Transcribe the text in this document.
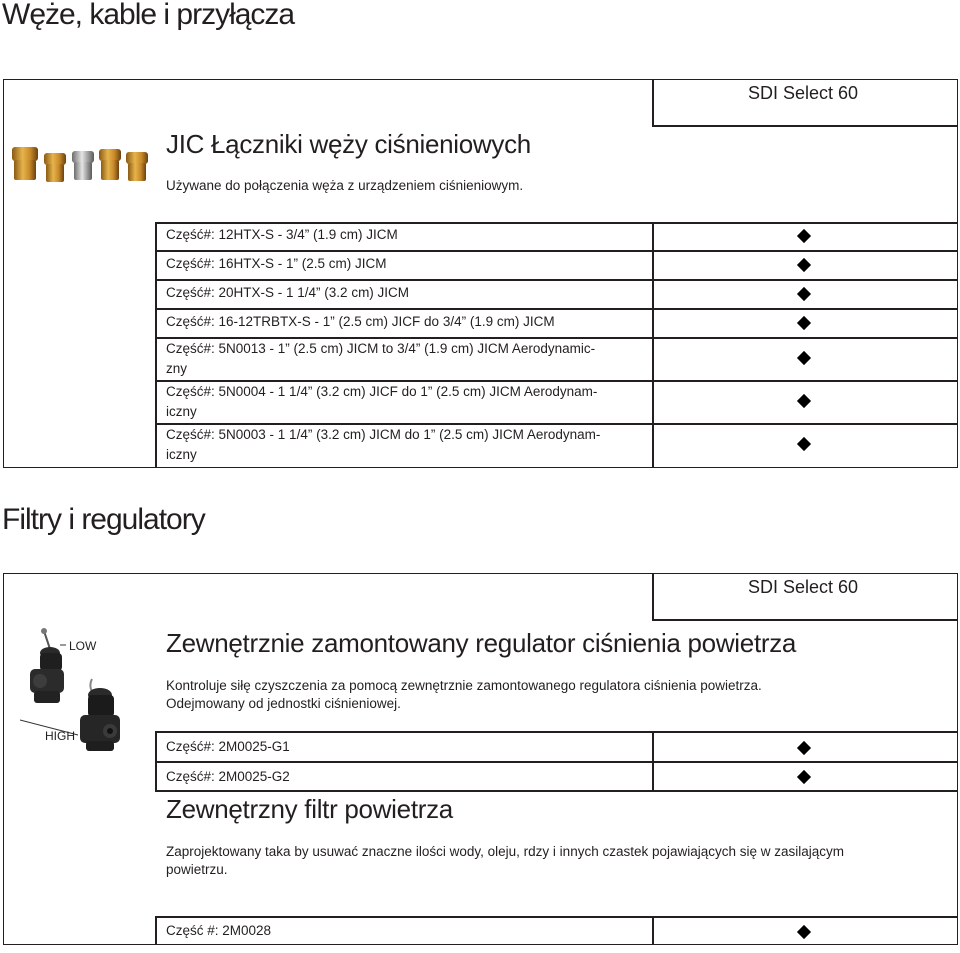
Węże, kable i przyłącza
SDI Select 60
JIC Łączniki węży ciśnieniowych
Używane do połączenia węża z urządzeniem ciśnieniowym.
Część#: 12HTX-S - 3/4” (1.9 cm) JICM
Część#: 16HTX-S - 1” (2.5 cm) JICM
Część#: 20HTX-S - 1 1/4” (3.2 cm) JICM
Część#: 16-12TRBTX-S - 1” (2.5 cm) JICF do 3/4” (1.9 cm) JICM
Część#: 5N0013 - 1” (2.5 cm) JICM to 3/4” (1.9 cm) JICM Aerodynamic-
zny
Część#: 5N0004 - 1 1/4” (3.2 cm) JICF do 1” (2.5 cm) JICM Aerodynam-
iczny
Część#: 5N0003 - 1 1/4” (3.2 cm) JICM do 1” (2.5 cm) JICM Aerodynam-
iczny
Filtry i regulatory
SDI Select 60
LOW
HIGH
Zewnętrznie zamontowany regulator ciśnienia powietrza
Kontroluje siłę czyszczenia za pomocą zewnętrznie zamontowanego regulatora ciśnienia powietrza.
Odejmowany od jednostki ciśnieniowej.
Część#: 2M0025-G1
Część#: 2M0025-G2
Zewnętrzny filtr powietrza
Zaprojektowany taka by usuwać znaczne ilości wody, oleju, rdzy i innych czastek pojawiających się w zasilającym
powietrzu.
Część #: 2M0028
